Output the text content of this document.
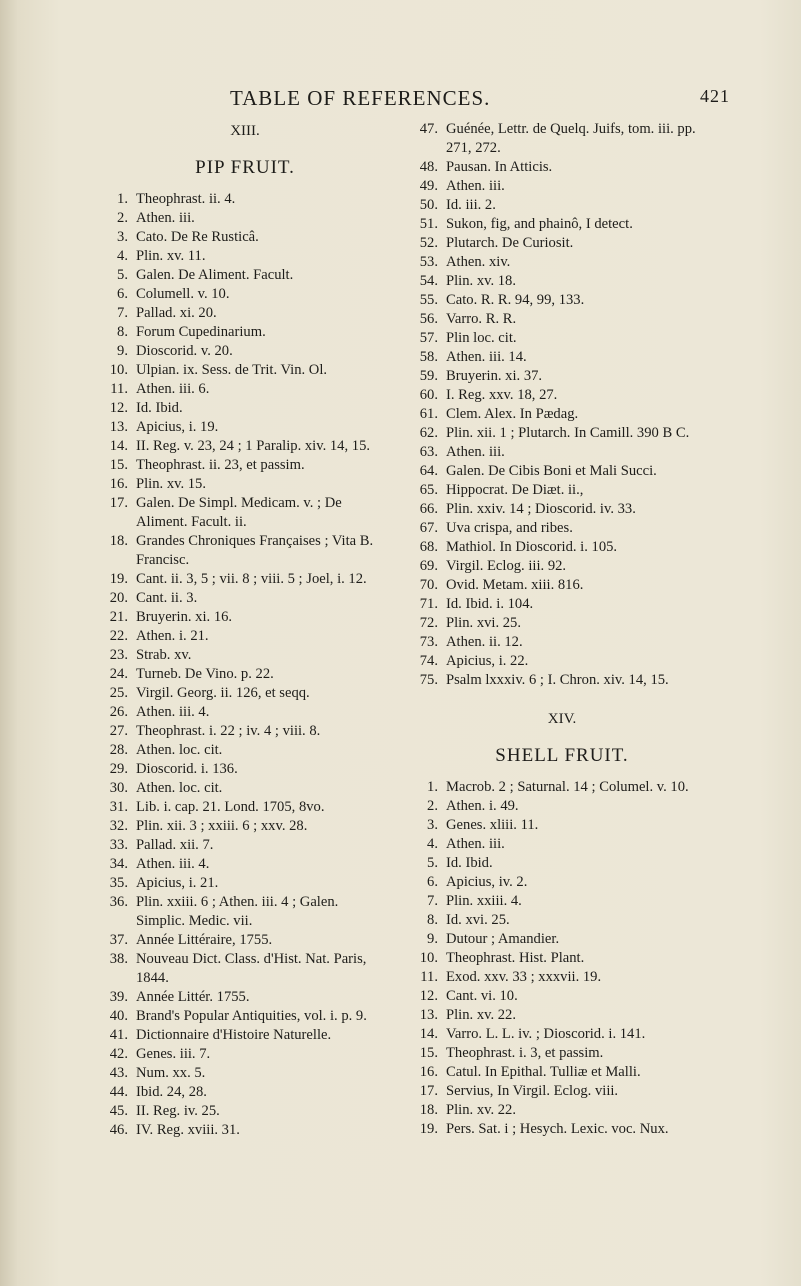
TABLE OF REFERENCES.	421
XIII.
PIP FRUIT.
1. Theophrast. ii. 4.
2. Athen. iii.
3. Cato. De Re Rusticâ.
4. Plin. xv. 11.
5. Galen. De Aliment. Facult.
6. Columell. v. 10.
7. Pallad. xi. 20.
8. Forum Cupedinarium.
9. Dioscorid. v. 20.
10. Ulpian. ix. Sess. de Trit. Vin. Ol.
11. Athen. iii. 6.
12. Id. Ibid.
13. Apicius, i. 19.
14. II. Reg. v. 23, 24 ; 1 Paralip. xiv. 14, 15.
15. Theophrast. ii. 23, et passim.
16. Plin. xv. 15.
17. Galen. De Simpl. Medicam. v. ; De Aliment. Facult. ii.
18. Grandes Chroniques Françaises ; Vita B. Francisc.
19. Cant. ii. 3, 5 ; vii. 8 ; viii. 5 ; Joel, i. 12.
20. Cant. ii. 3.
21. Bruyerin. xi. 16.
22. Athen. i. 21.
23. Strab. xv.
24. Turneb. De Vino. p. 22.
25. Virgil. Georg. ii. 126, et seqq.
26. Athen. iii. 4.
27. Theophrast. i. 22 ; iv. 4 ; viii. 8.
28. Athen. loc. cit.
29. Dioscorid. i. 136.
30. Athen. loc. cit.
31. Lib. i. cap. 21. Lond. 1705, 8vo.
32. Plin. xii. 3 ; xxiii. 6 ; xxv. 28.
33. Pallad. xii. 7.
34. Athen. iii. 4.
35. Apicius, i. 21.
36. Plin. xxiii. 6 ; Athen. iii. 4 ; Galen. Simplic. Medic. vii.
37. Année Littéraire, 1755.
38. Nouveau Dict. Class. d'Hist. Nat. Paris, 1844.
39. Année Littér. 1755.
40. Brand's Popular Antiquities, vol. i. p. 9.
41. Dictionnaire d'Histoire Naturelle.
42. Genes. iii. 7.
43. Num. xx. 5.
44. Ibid. 24, 28.
45. II. Reg. iv. 25.
46. IV. Reg. xviii. 31.
47. Guénée, Lettr. de Quelq. Juifs, tom. iii. pp. 271, 272.
48. Pausan. In Atticis.
49. Athen. iii.
50. Id. iii. 2.
51. Sukon, fig, and phainô, I detect.
52. Plutarch. De Curiosit.
53. Athen. xiv.
54. Plin. xv. 18.
55. Cato. R. R. 94, 99, 133.
56. Varro. R. R.
57. Plin loc. cit.
58. Athen. iii. 14.
59. Bruyerin. xi. 37.
60. I. Reg. xxv. 18, 27.
61. Clem. Alex. In Pædag.
62. Plin. xii. 1 ; Plutarch. In Camill. 390 B C.
63. Athen. iii.
64. Galen. De Cibis Boni et Mali Succi.
65. Hippocrat. De Diæt. ii.,
66. Plin. xxiv. 14 ; Dioscorid. iv. 33.
67. Uva crispa, and ribes.
68. Mathiol. In Dioscorid. i. 105.
69. Virgil. Eclog. iii. 92.
70. Ovid. Metam. xiii. 816.
71. Id. Ibid. i. 104.
72. Plin. xvi. 25.
73. Athen. ii. 12.
74. Apicius, i. 22.
75. Psalm lxxxiv. 6 ; I. Chron. xiv. 14, 15.
XIV.
SHELL FRUIT.
1. Macrob. 2 ; Saturnal. 14 ; Columel. v. 10.
2. Athen. i. 49.
3. Genes. xliii. 11.
4. Athen. iii.
5. Id. Ibid.
6. Apicius, iv. 2.
7. Plin. xxiii. 4.
8. Id. xvi. 25.
9. Dutour ; Amandier.
10. Theophrast. Hist. Plant.
11. Exod. xxv. 33 ; xxxvii. 19.
12. Cant. vi. 10.
13. Plin. xv. 22.
14. Varro. L. L. iv. ; Dioscorid. i. 141.
15. Theophrast. i. 3, et passim.
16. Catul. In Epithal. Tulliæ et Malli.
17. Servius, In Virgil. Eclog. viii.
18. Plin. xv. 22.
19. Pers. Sat. i ; Hesych. Lexic. voc. Nux.
